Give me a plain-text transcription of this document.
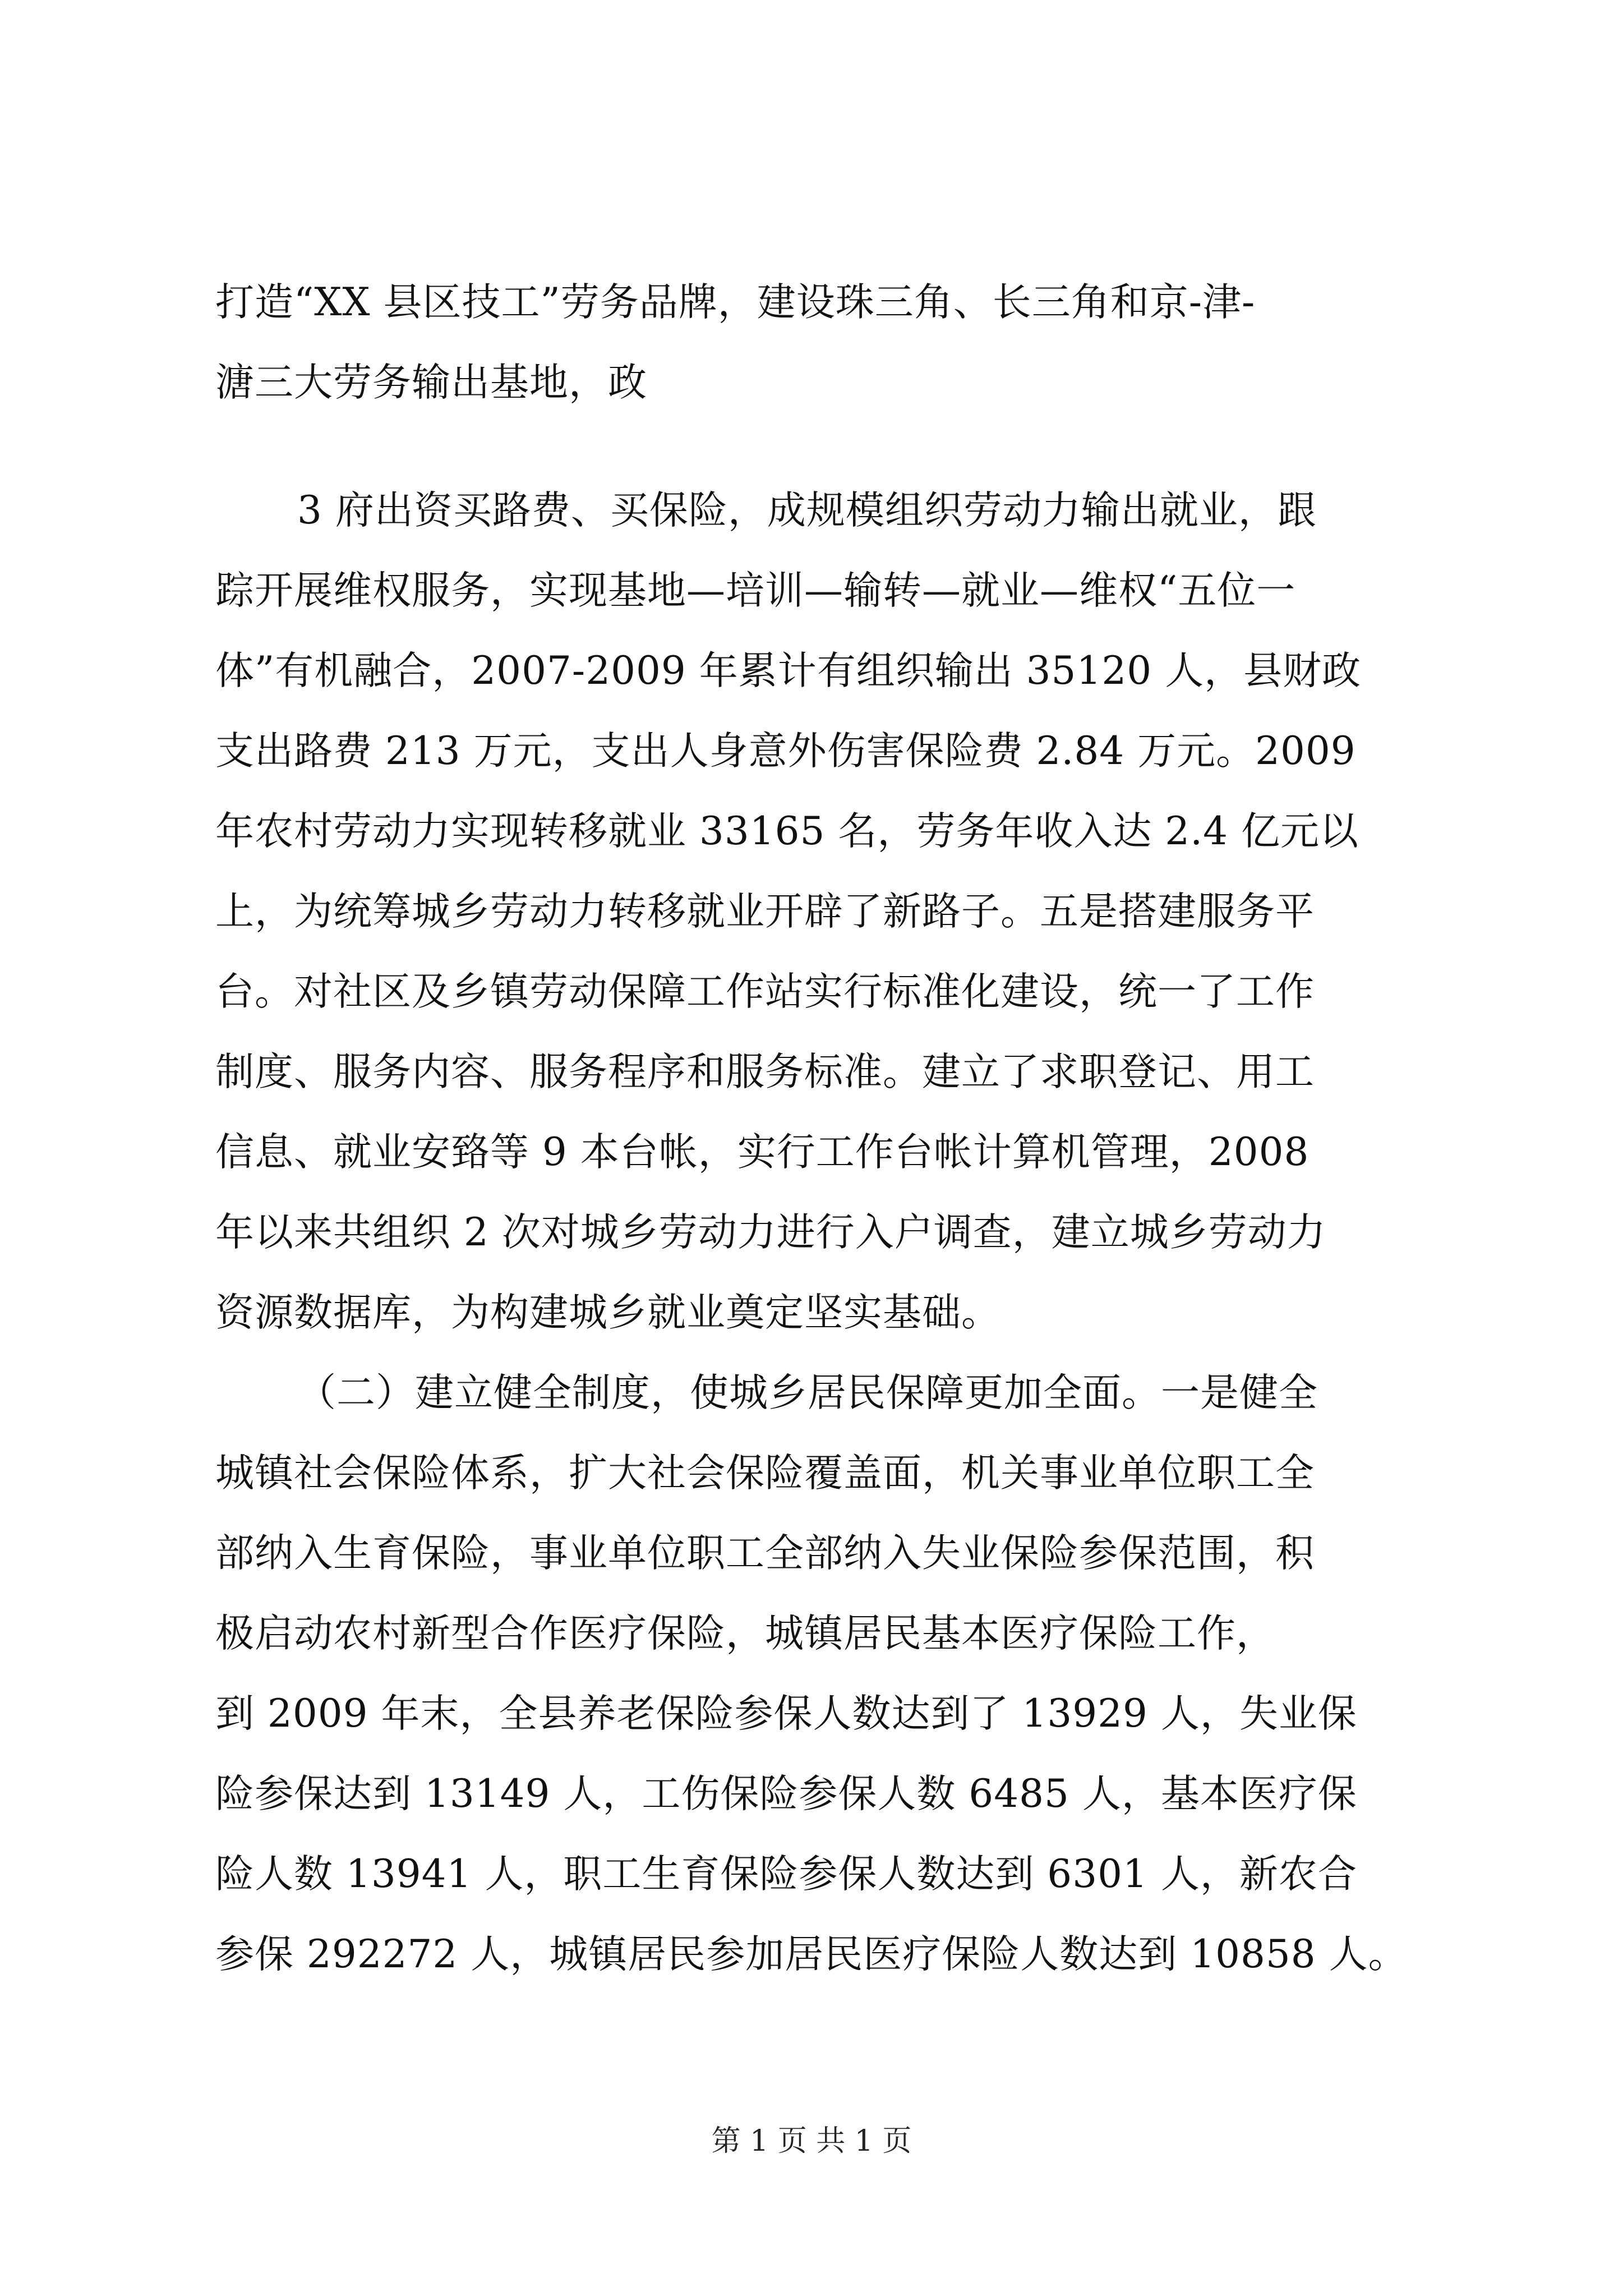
打造“XX 县区技工”劳务品牌，建设珠三角、长三角和京-津-
溏三大劳务输出基地，政
3 府出资买路费、买保险，成规模组织劳动力输出就业，跟
踪开展维权服务，实现基地—培训—输转—就业—维权“五位一
体”有机融合，2007-2009 年累计有组织输出 35120 人，县财政
支出路费 213 万元，支出人身意外伤害保险费 2.84 万元。2009
年农村劳动力实现转移就业 33165 名，劳务年收入达 2.4 亿元以
上，为统筹城乡劳动力转移就业开辟了新路子。五是搭建服务平
台。对社区及乡镇劳动保障工作站实行标准化建设，统一了工作
制度、服务内容、服务程序和服务标准。建立了求职登记、用工
信息、就业安臵等 9 本台帐，实行工作台帐计算机管理，2008
年以来共组织 2 次对城乡劳动力进行入户调查，建立城乡劳动力
资源数据库，为构建城乡就业奠定坚实基础。
（二）建立健全制度，使城乡居民保障更加全面。一是健全
城镇社会保险体系，扩大社会保险覆盖面，机关事业单位职工全
部纳入生育保险，事业单位职工全部纳入失业保险参保范围，积
极启动农村新型合作医疗保险，城镇居民基本医疗保险工作，
到 2009 年末，全县养老保险参保人数达到了 13929 人，失业保
险参保达到 13149 人，工伤保险参保人数 6485 人，基本医疗保
险人数 13941 人，职工生育保险参保人数达到 6301 人，新农合
参保 292272 人，城镇居民参加居民医疗保险人数达到 10858 人。
第 1 页 共 1 页
